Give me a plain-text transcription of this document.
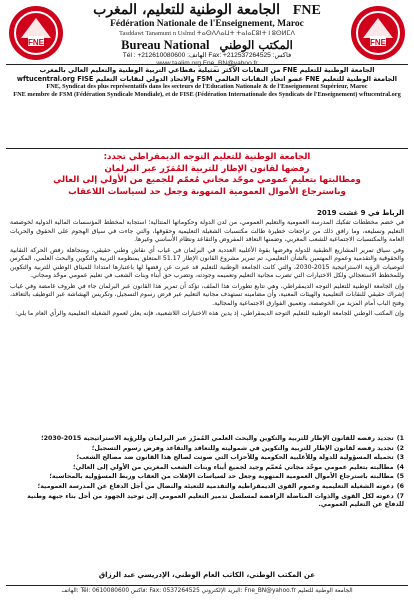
FNE
FNE الجامعة الوطنية للتعليم، المغرب
Fédération Nationale de l'Enseignement, Maroc
Tasddawt Tanamunt n Uslmd ⵜⴰⵙⴷⴷⴰⵡⵜ ⵜⴰⵏⴰⵎⵓⵏⵜ ⵏ ⵓⵙⵍⵎⴷ
Bureau National المكتب الوطني
Tél : +212610080600 :الهاتف Fax: +212537264525 :فاكس
FNE
الجامعة الوطنية للتعليم FNE من النقابات الأكثر تمثيلية بقطاعي التربية الوطنية والتعليم العالي بالمغرب
الجامعة الوطنية للتعليم FNE عضو اتحاد النقابات العالمي FSM والاتحاد الدولي لنقابات التعليم wftucentral.org FISE
FNE, Syndicat des plus représentatifs dans les secteurs de l'Education Nationale & de l'Enseignement Supérieur, Maroc
FNE membre de FSM (Fédération Syndicale Mondiale), et de FISE (Fédération Internationale des Syndicats de l'Enseignement) wftucentral.org
الجامعة الوطنية للتعليم التوجه الديمقراطي تجدد:
رفضها لقانون الإطار للتربية المُمَرّر عبر البرلمان
ومطالبتها بتعليم عمومي موحّد مجاني مُعمّم للجميع من الأولي إلى العالي
وباسترجاع الأموال العمومية المنهوبة وجعل حد لسياسات اللاعقاب
الرباط في 9 غشت 2019

في خضم مخططات تفكيك المدرسة العمومية والتعليم العمومي، من لدن الدولة وحكوماتها المتتالية؛ استجابة لمخطط المؤسسات المالية الدولية لخوصصة التعليم وتسليعه، وما رافق ذلك من تراجعات خطيرة طالت مكتسبات الشغيلة التعليمية وحقوقها، والتي جاءت في سياق الهجوم على الحقوق والحريات العامة والمكتسبات الاجتماعية للشعب المغربي، وضمنها التعاقد المفروض والتقاعد ونظام الأساسي وغيرها.

وفي سياق تمرير المشاريع الطبقية للدولة وفرضها بقوة الأغلبية العددية في البرلمان في غياب أي نقاش وطني حقيقي، ومتجاهلة رفض الحركة النقابية والحقوقية والتقدمية وعموم المهتمين بالشأن التعليمي، تم تمرير مشروع القانون الإطار 51.17 المتعلق بمنظومة التربية والتكوين والبحث العلمي، المكرس لتوصيات الرؤية الاستراتيجية 2015-2030، والتي كانت الجامعة الوطنية للتعليم قد عبرت عن رفضها لها باعتبارها امتدادا للميثاق الوطني للتربية والتكوين وللمخطط الاستعجالي ولكل الاختيارات التي تضرب مجانية التعليم وتعميمه وجودته، وتضرب حق أبناء وبنات الشعب في تعليم عمومي موحّد ومجاني.

وإن الجامعة الوطنية للتعليم التوجه الديمقراطي، وهي تتابع تطورات هذا الملف، تؤكد أن تمرير هذا القانون عبر البرلمان جاء في ظروف غامضة وفي غياب إشراك حقيقي للنقابات التعليمية والهيئات المعنية، وأن مضامينه تستهدف مجانية التعليم عبر فرض رسوم التسجيل، وتكريس الهشاشة عبر التوظيف بالتعاقد، وفتح الباب أمام المزيد من الخوصصة، وتعميق الفوارق الاجتماعية والمجالية.

وإن المكتب الوطني للجامعة الوطنية للتعليم التوجه الديمقراطي، إذ يدين هذه الاختيارات اللاشعبية، فإنه يعلن لعموم الشغيلة التعليمية والرأي العام ما يلي:

1)تجديد رفضه للقانون الإطار للتربية والتكوين والبحث العلمي المُمرّر عبر البرلمان وللرؤية الاستراتيجية 2015-2030؛
2)تجديد رفضه لقانون الإطار للتربية والتكوين في شموليته وللتعاقد والتقاعد وفرض رسوم التسجيل؛
3)تحميله المسؤولية للدولة وللأغلبية الحكومية وللأحزاب التي صوتت لصالح هذا القانون ضد مصالح الشعب؛
4)مطالبته بتعليم عمومي موحّد مجاني مُعمّم وجيد لجميع أبناء وبنات الشعب المغربي من الأولي إلى العالي؛
5)مطالبته باسترجاع الأموال العمومية المنهوبة وجعل حد لسياسات الإفلات من العقاب وربط المسؤولية بالمحاسبة؛
6)دعوته الشغيلة التعليمية وعموم القوى الديمقراطية والتقدمية للتعبئة والنضال من أجل الدفاع عن المدرسة العمومية؛
7)دعوته لكل القوى والذوات المناضلة الرافضة لمسلسل تدمير التعليم العمومي إلى توحيد الجهود من أجل بناء جبهة وطنية للدفاع عن التعليم العمومي.
عن المكتب الوطني، الكاتب العام الوطني، الإدريسي عبد الرزاق
الجامعة الوطنية للتعليم Fne_BN@yahoo.fr :البريد الإلكتروني Fax: 0537264525 :فاكس Tél: 0610080600 :الهاتف
